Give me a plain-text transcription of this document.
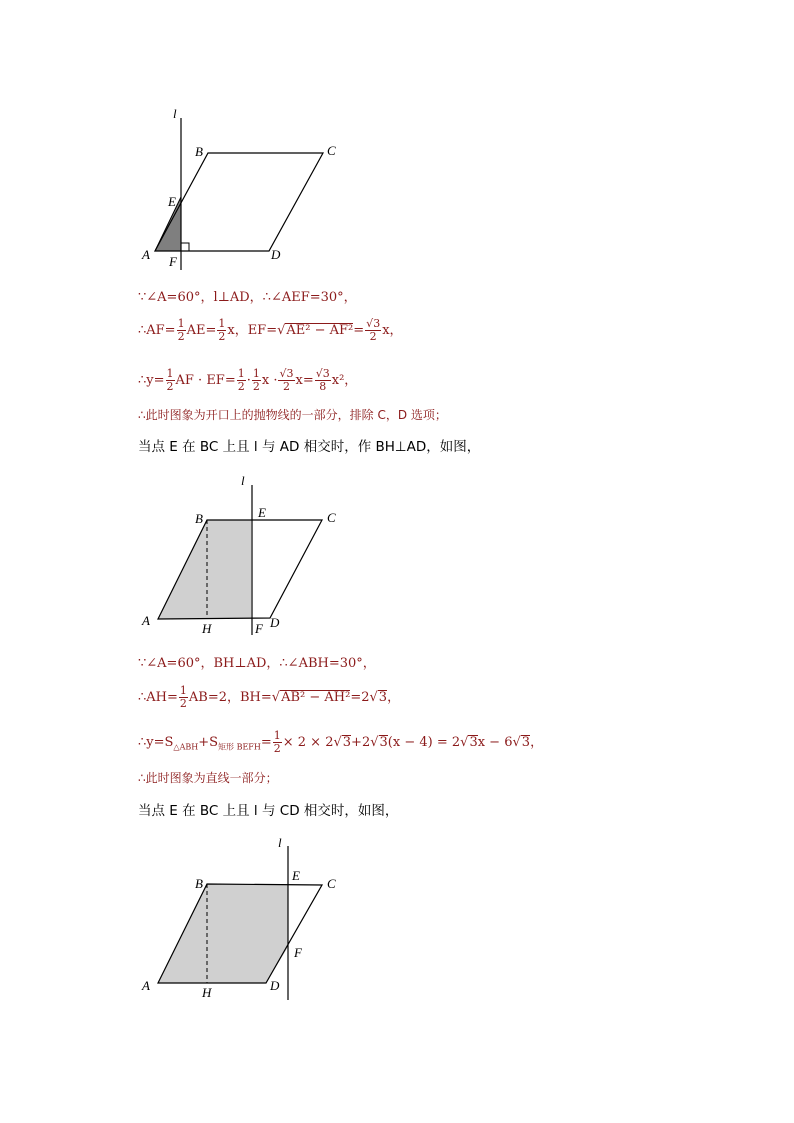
l
B	C
E
A F	D
l
B	E	C
A
H	F D
l
B
E
C
F
A	H	D
∵∠A=60°，l⊥AD，∴∠AEF=30°，
∴AF= $\frac{1}{2} AE= \frac{1}{2}$ x，$EF=√AE^2 - AF^2= \frac{√3}{2}$ x，
∴y= $\frac{1}{2}$ AF · $EF= \frac{1}{2} \cdot \frac{1}{2}$ $x \cdot \frac{√3}{2} x= \frac{√3}{8} x^2$，
∴此时图象为开口上的抛物线的一部分，排除 C，D 选项；
当点 E 在 BC 上且 l 与 AD 相交时，作 BH⊥AD，如图，
∵∠A=60°，BH⊥AD，∴∠ABH=30°，
∴AH= $\frac{1}{2} AB=2$，BH=√AB² − AH²=2√3，
$\therefore y=S_{\triangle ABH}+S_{矩形 BEFH}= \frac{1}{2} \times 2 \times 2√3+2√3(x - 4) = 2√3x - 6√3$，
∴此时图象为直线一部分；
当点 E 在 BC 上且 l 与 CD 相交时，如图，
